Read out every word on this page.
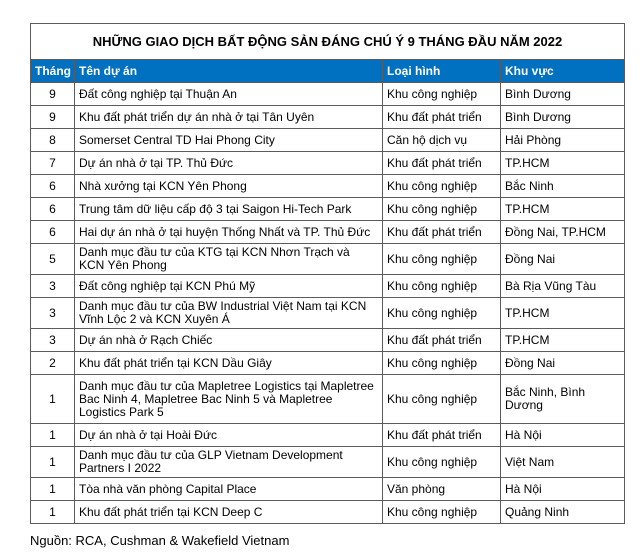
NHỮNG GIAO DỊCH BẤT ĐỘNG SẢN ĐÁNG CHÚ Ý 9 THÁNG ĐẦU NĂM 2022			
Tháng	Tên dự án	Loại hình	Khu vực
9	Đất công nghiệp tại Thuận An	Khu công nghiệp	Bình Dương
9	Khu đất phát triển dự án nhà ở tại Tân Uyên	Khu đất phát triển	Bình Dương
8	Somerset Central TD Hai Phong City	Căn hộ dịch vụ	Hải Phòng
7	Dự án nhà ở tại TP. Thủ Đức	Khu đất phát triển	TP.HCM
6	Nhà xưởng tại KCN Yên Phong	Khu công nghiệp	Bắc Ninh
6	Trung tâm dữ liệu cấp độ 3 tại Saigon Hi-Tech Park	Khu công nghiệp	TP.HCM
6	Hai dự án nhà ở tại huyện Thống Nhất và TP. Thủ Đức	Khu đất phát triển	Đồng Nai, TP.HCM
5	Danh mục đầu tư của KTG tại KCN Nhơn Trạch và KCN Yên Phong	Khu công nghiệp	Đồng Nai
3	Đất công nghiệp tại KCN Phú Mỹ	Khu công nghiệp	Bà Rịa Vũng Tàu
3	Danh mục đầu tư của BW Industrial Việt Nam tại KCN Vĩnh Lộc 2 và KCN Xuyên Á	Khu công nghiệp	TP.HCM
3	Dự án nhà ở Rạch Chiếc	Khu đất phát triển	TP.HCM
2	Khu đất phát triển tại KCN Dầu Giây	Khu công nghiệp	Đồng Nai
1	Danh mục đầu tư của Mapletree Logistics tại Mapletree Bac Ninh 4, Mapletree Bac Ninh 5 và Mapletree Logistics Park 5	Khu công nghiệp	Bắc Ninh, Bình Dương
1	Dự án nhà ở tại Hoài Đức	Khu đất phát triển	Hà Nội
1	Danh mục đầu tư của GLP Vietnam Development Partners I 2022	Khu công nghiệp	Việt Nam
1	Tòa nhà văn phòng Capital Place	Văn phòng	Hà Nội
1	Khu đất phát triển tại KCN Deep C	Khu công nghiệp	Quảng Ninh
Nguồn: RCA, Cushman & Wakefield Vietnam
